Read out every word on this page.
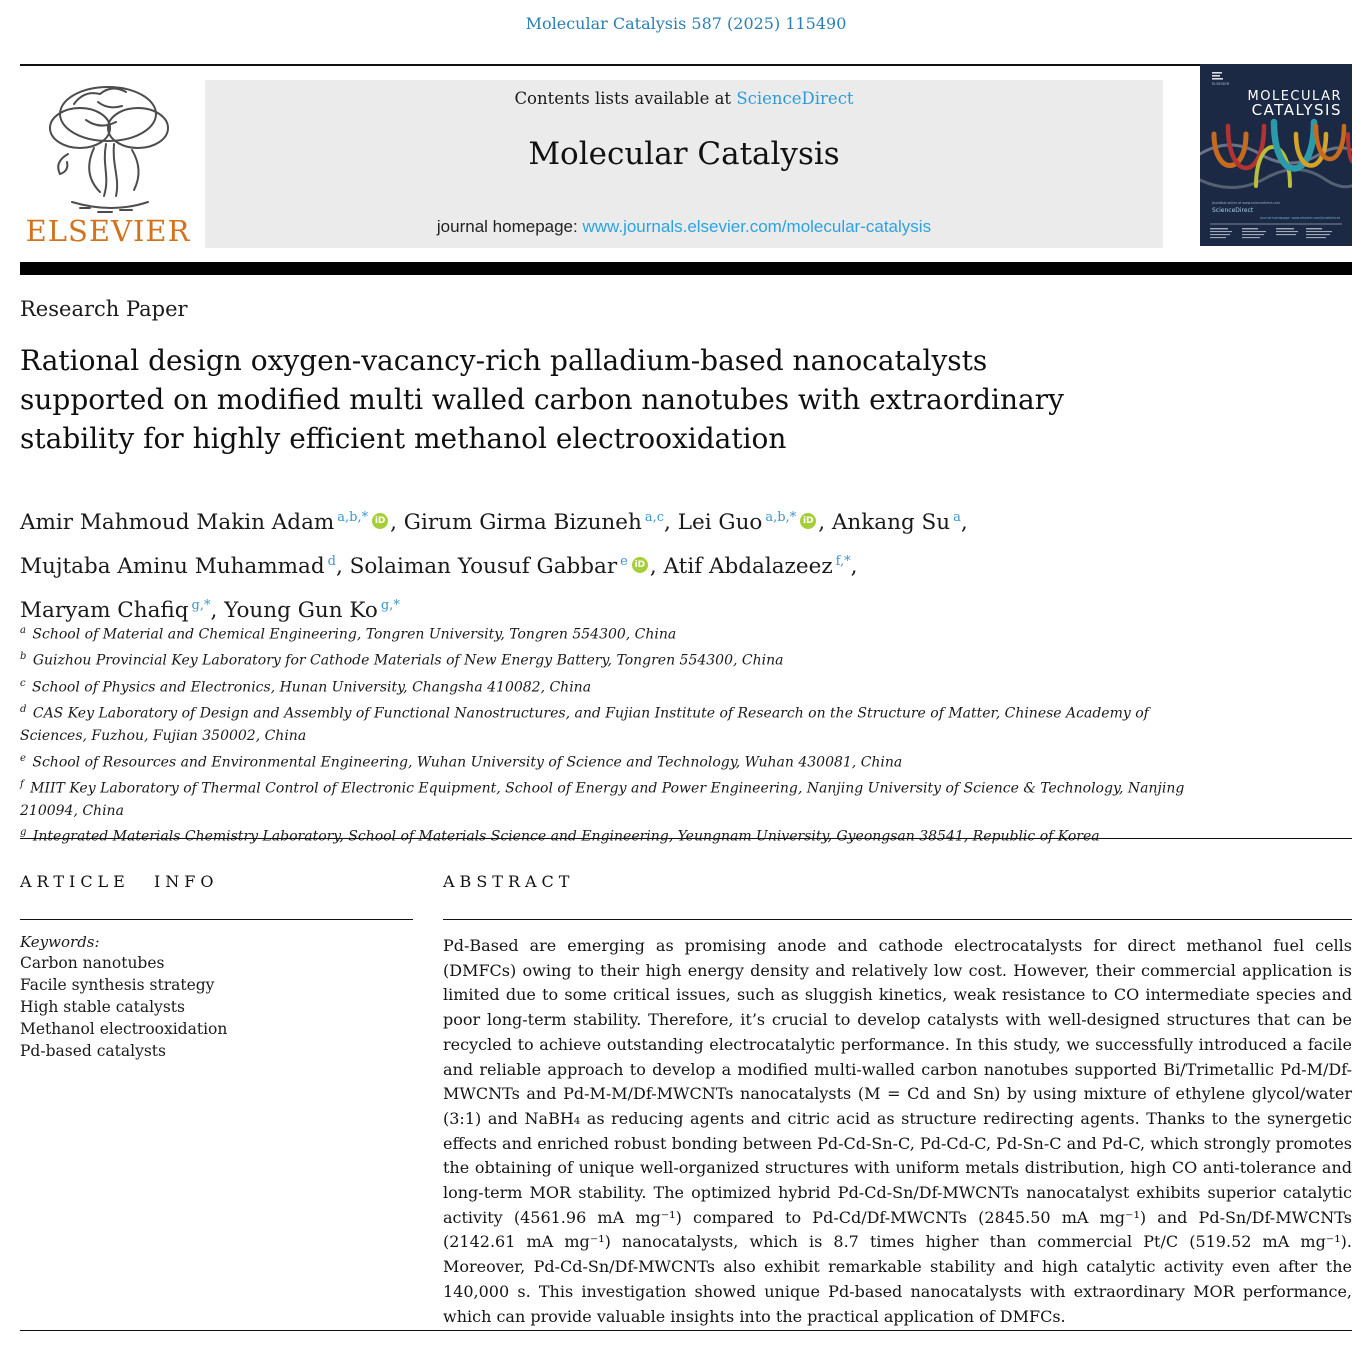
Molecular Catalysis 587 (2025) 115490
ELSEVIER
Contents lists available at ScienceDirect
Molecular Catalysis
journal homepage: www.journals.elsevier.com/molecular-catalysis
ELSEVIER
MOLECULAR
CATALYSIS
Available online at www.sciencedirect.com
ScienceDirect
journal homepage: www.elsevier.com/locate/mcat
Research Paper
Rational design oxygen-vacancy-rich palladium-based nanocatalysts
supported on modified multi walled carbon nanotubes with extraordinary
stability for highly efficient methanol electrooxidation
Amir Mahmoud Makin Adam $^{a,b,*}$ iD , Girum Girma Bizuneh $^{a,c}$, Lei Guo $^{a,b,*}$ iD , Ankang Su $^a$,
Mujtaba Aminu Muhammad $^d$, Solaiman Yousuf Gabbar $^e$ iD , Atif Abdalazeez $^{f,*}$,
Maryam Chafiq $^{g,*}$, Young Gun Ko $^{g,*}$
$^a$ School of Material and Chemical Engineering, Tongren University, Tongren 554300, China
$^b$ Guizhou Provincial Key Laboratory for Cathode Materials of New Energy Battery, Tongren 554300, China
$^c$ School of Physics and Electronics, Hunan University, Changsha 410082, China
$^d$ CAS Key Laboratory of Design and Assembly of Functional Nanostructures, and Fujian Institute of Research on the Structure of Matter, Chinese Academy of Sciences, Fuzhou, Fujian 350002, China
$^e$ School of Resources and Environmental Engineering, Wuhan University of Science and Technology, Wuhan 430081, China
$^f$ MIIT Key Laboratory of Thermal Control of Electronic Equipment, School of Energy and Power Engineering, Nanjing University of Science & Technology, Nanjing 210094, China
$^g$ Integrated Materials Chemistry Laboratory, School of Materials Science and Engineering, Yeungnam University, Gyeongsan 38541, Republic of Korea
ARTICLE INFO
Keywords:
Carbon nanotubes
Facile synthesis strategy
High stable catalysts
Methanol electrooxidation
Pd-based catalysts
ABSTRACT

Pd-Based are emerging as promising anode and cathode electrocatalysts for direct methanol fuel cells (DMFCs) owing to their high energy density and relatively low cost. However, their commercial application is limited due to some critical issues, such as sluggish kinetics, weak resistance to CO intermediate species and poor long-term stability. Therefore, it’s crucial to develop catalysts with well-designed structures that can be recycled to achieve outstanding electrocatalytic performance. In this study, we successfully introduced a facile and reliable approach to develop a modified multi-walled carbon nanotubes supported Bi/Trimetallic Pd-M/Df-MWCNTs and Pd-M-M/Df-MWCNTs nanocatalysts (M = Cd and Sn) by using mixture of ethylene glycol/water (3:1) and NaBH₄ as reducing agents and citric acid as structure redirecting agents. Thanks to the synergetic effects and enriched robust bonding between Pd-Cd-Sn-C, Pd-Cd-C, Pd-Sn-C and Pd-C, which strongly promotes the obtaining of unique well-organized structures with uniform metals distribution, high CO anti-tolerance and long-term MOR stability. The optimized hybrid Pd-Cd-Sn/Df-MWCNTs nanocatalyst exhibits superior catalytic activity (4561.96 mA mg⁻¹) compared to Pd-Cd/Df-MWCNTs (2845.50 mA mg⁻¹) and Pd-Sn/Df-MWCNTs (2142.61 mA mg⁻¹) nanocatalysts, which is 8.7 times higher than commercial Pt/C (519.52 mA mg⁻¹). Moreover, Pd-Cd-Sn/Df-MWCNTs also exhibit remarkable stability and high catalytic activity even after the 140,000 s. This investigation showed unique Pd-based nanocatalysts with extraordinary MOR performance, which can provide valuable insights into the practical application of DMFCs.
